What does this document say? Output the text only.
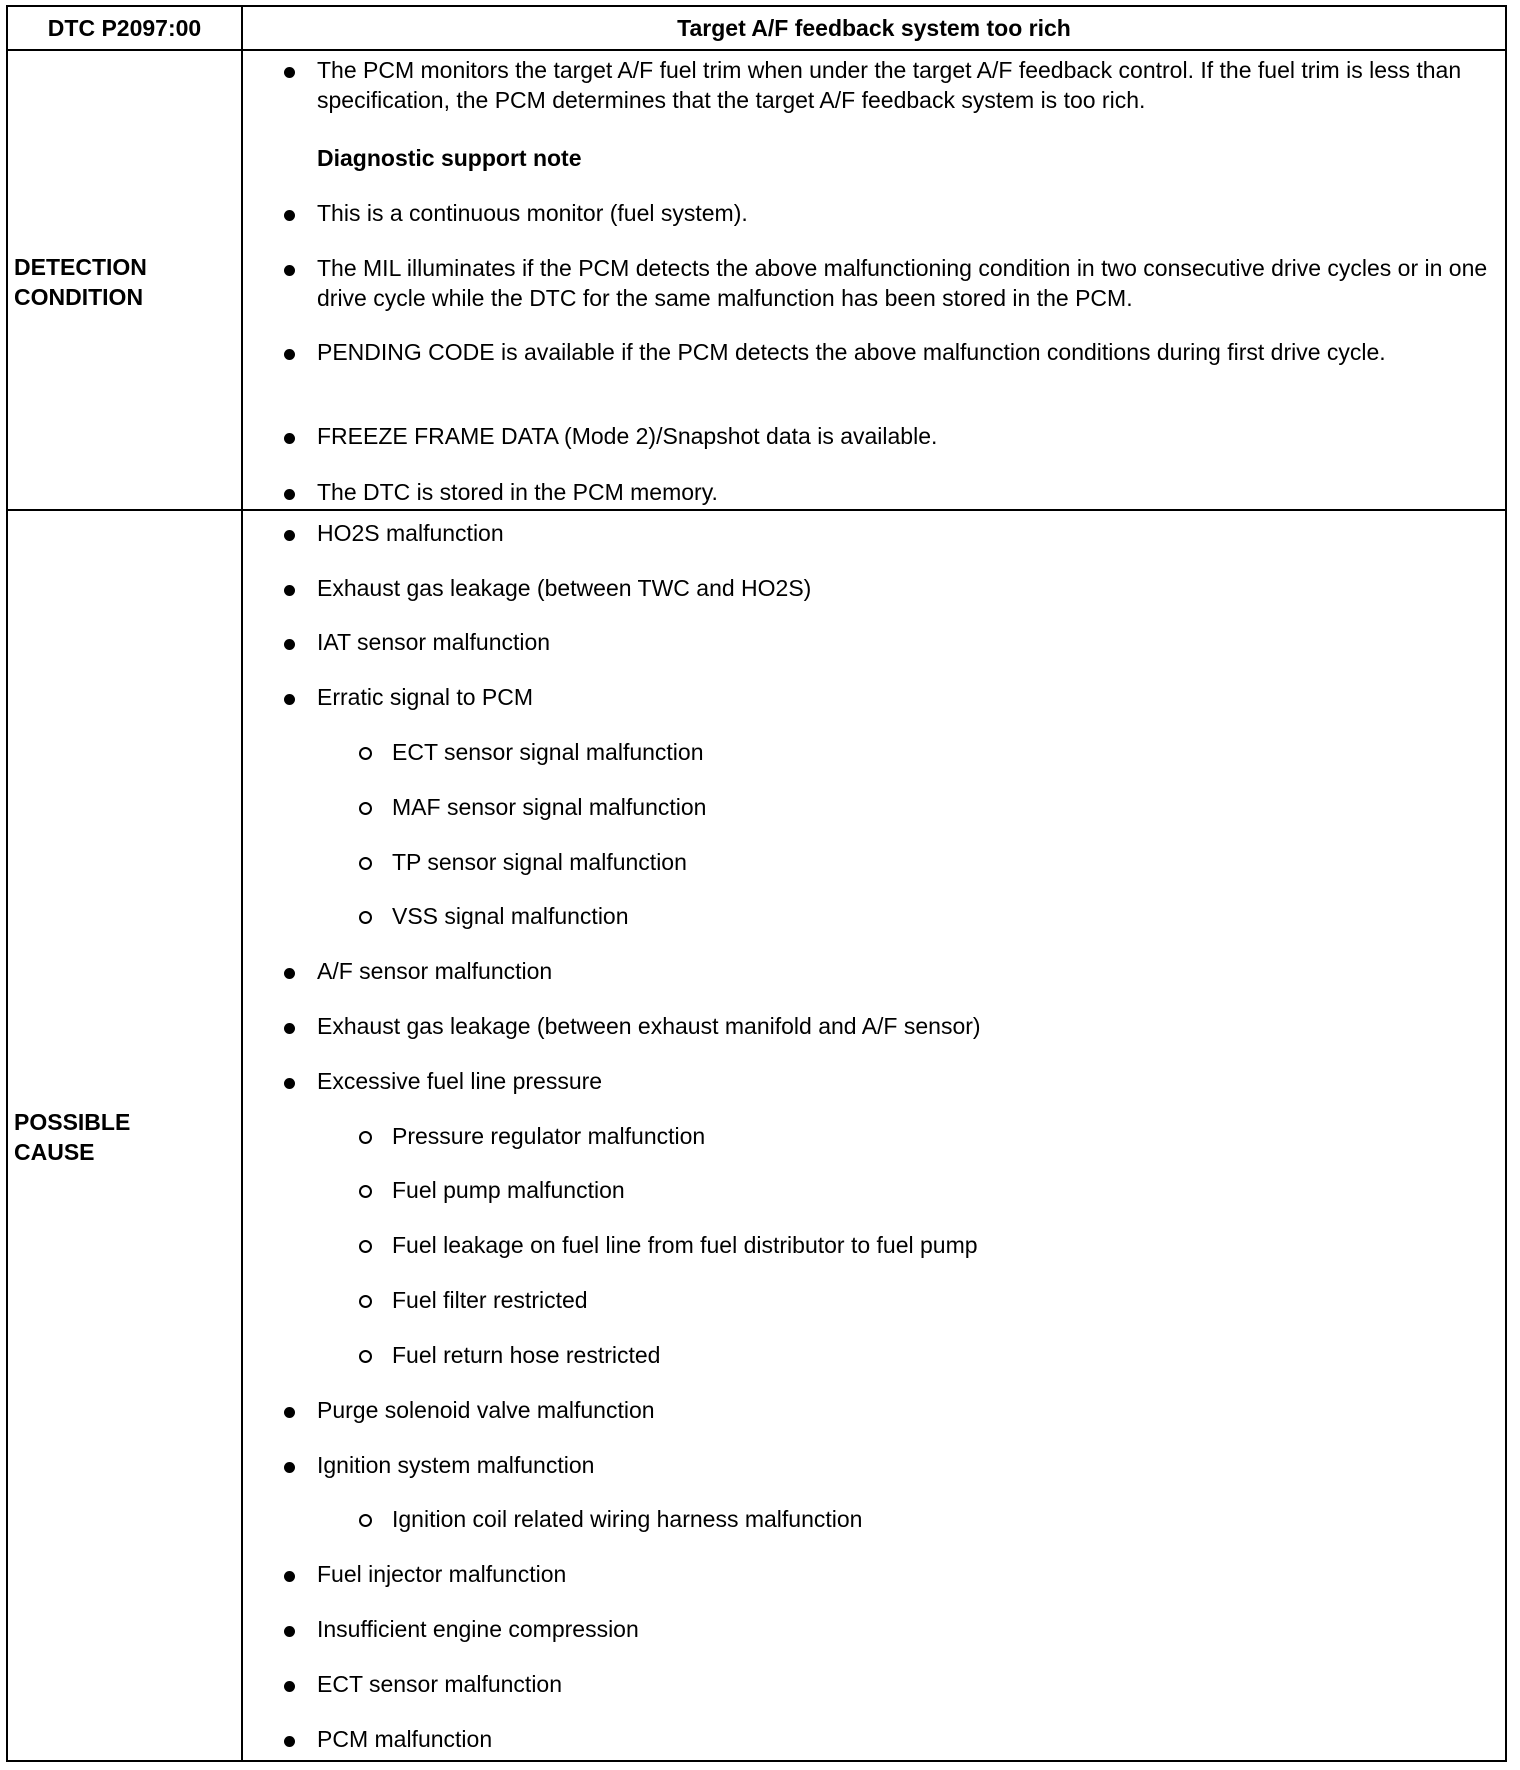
DTC P2097:00	Target A/F feedback system too rich
DETECTION
CONDITION
The PCM monitors the target A/F fuel trim when under the target A/F feedback control. If the fuel trim is less than specification, the PCM determines that the target A/F feedback system is too rich.
Diagnostic support note
This is a continuous monitor (fuel system).
The MIL illuminates if the PCM detects the above malfunctioning condition in two consecutive drive cycles or in one drive cycle while the DTC for the same malfunction has been stored in the PCM.
PENDING CODE is available if the PCM detects the above malfunction conditions during first drive cycle.
FREEZE FRAME DATA (Mode 2)/Snapshot data is available.
The DTC is stored in the PCM memory.
POSSIBLE
CAUSE
HO2S malfunction
Exhaust gas leakage (between TWC and HO2S)
IAT sensor malfunction
Erratic signal to PCM
ECT sensor signal malfunction
MAF sensor signal malfunction
TP sensor signal malfunction
VSS signal malfunction
A/F sensor malfunction
Exhaust gas leakage (between exhaust manifold and A/F sensor)
Excessive fuel line pressure
Pressure regulator malfunction
Fuel pump malfunction
Fuel leakage on fuel line from fuel distributor to fuel pump
Fuel filter restricted
Fuel return hose restricted
Purge solenoid valve malfunction
Ignition system malfunction
Ignition coil related wiring harness malfunction
Fuel injector malfunction
Insufficient engine compression
ECT sensor malfunction
PCM malfunction
